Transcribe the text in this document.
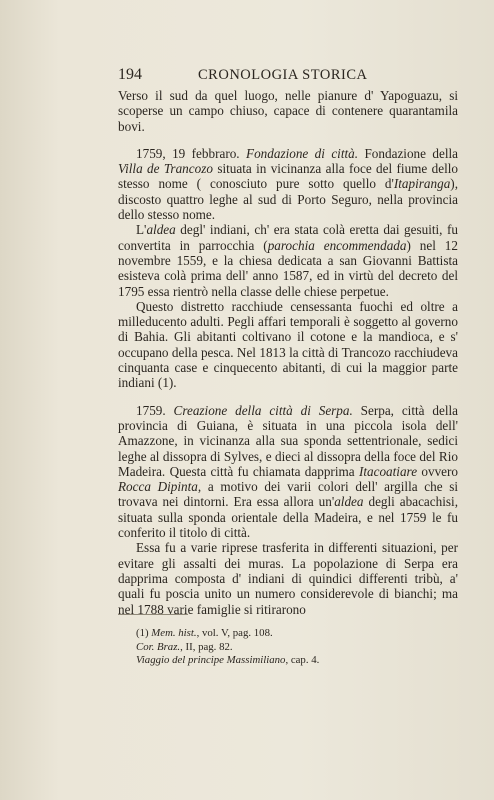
194	CRONOLOGIA STORICA

Verso il sud da quel luogo, nelle pianure d' Yapoguazu, si scoperse un campo chiuso, capace di contenere quarantamila bovi.

1759, 19 febbraro. Fondazione di città. Fondazione della Villa de Trancozo situata in vicinanza alla foce del fiume dello stesso nome ( conosciuto pure sotto quello d'Itapiranga), discosto quattro leghe al sud di Porto Seguro, nella provincia dello stesso nome.

L'aldea degl' indiani, ch' era stata colà eretta dai gesuiti, fu convertita in parrocchia (parochia encommendada) nel 12 novembre 1559, e la chiesa dedicata a san Giovanni Battista esisteva colà prima dell' anno 1587, ed in virtù del decreto del 1795 essa rientrò nella classe delle chiese perpetue.

Questo distretto racchiude censessanta fuochi ed oltre a milleducento adulti. Pegli affari temporali è soggetto al governo di Bahia. Gli abitanti coltivano il cotone e la mandioca, e s' occupano della pesca. Nel 1813 la città di Trancozo racchiudeva cinquanta case e cinquecento abitanti, di cui la maggior parte indiani (1).

1759. Creazione della città di Serpa. Serpa, città della provincia di Guiana, è situata in una piccola isola dell' Amazzone, in vicinanza alla sua sponda settentrionale, sedici leghe al dissopra di Sylves, e dieci al dissopra della foce del Rio Madeira. Questa città fu chiamata dapprima Itacoatiare ovvero Rocca Dipinta, a motivo dei varii colori dell' argilla che si trovava nei dintorni. Era essa allora un'aldea degli abacachisi, situata sulla sponda orientale della Madeira, e nel 1759 le fu conferito il titolo di città.

Essa fu a varie riprese trasferita in differenti situazioni, per evitare gli assalti dei muras. La popolazione di Serpa era dapprima composta d' indiani di quindici differenti tribù, a' quali fu poscia unito un numero considerevole di bianchi; ma nel 1788 varie famiglie si ritirarono

(1) Mem. hist., vol. V, pag. 108.
Cor. Braz., II, pag. 82.
Viaggio del principe Massimiliano, cap. 4.
